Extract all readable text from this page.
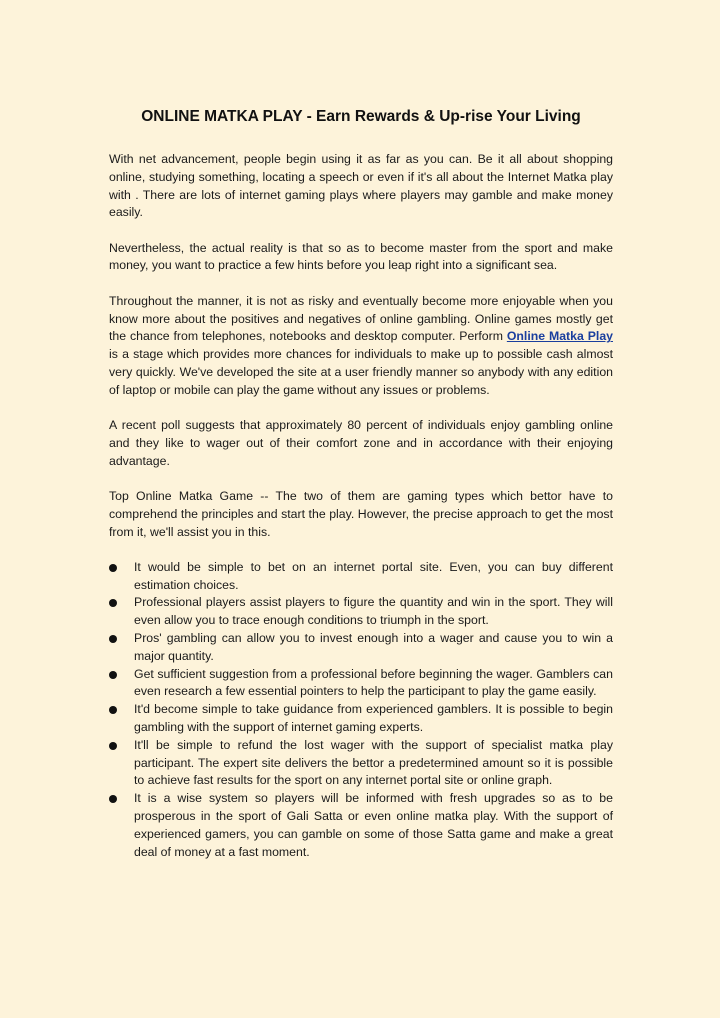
ONLINE MATKA PLAY - Earn Rewards & Up-rise Your Living

With net advancement, people begin using it as far as you can. Be it all about shopping online, studying something, locating a speech or even if it's all about the Internet Matka play with . There are lots of internet gaming plays where players may gamble and make money easily.

Nevertheless, the actual reality is that so as to become master from the sport and make money, you want to practice a few hints before you leap right into a significant sea.

Throughout the manner, it is not as risky and eventually become more enjoyable when you know more about the positives and negatives of online gambling. Online games mostly get the chance from telephones, notebooks and desktop computer. Perform Online Matka Play is a stage which provides more chances for individuals to make up to possible cash almost very quickly. We've developed the site at a user friendly manner so anybody with any edition of laptop or mobile can play the game without any issues or problems.

A recent poll suggests that approximately 80 percent of individuals enjoy gambling online and they like to wager out of their comfort zone and in accordance with their enjoying advantage.

Top Online Matka Game -- The two of them are gaming types which bettor have to comprehend the principles and start the play. However, the precise approach to get the most from it, we'll assist you in this.

It would be simple to bet on an internet portal site. Even, you can buy different estimation choices.
Professional players assist players to figure the quantity and win in the sport. They will even allow you to trace enough conditions to triumph in the sport.
Pros' gambling can allow you to invest enough into a wager and cause you to win a major quantity.
Get sufficient suggestion from a professional before beginning the wager. Gamblers can even research a few essential pointers to help the participant to play the game easily.
It'd become simple to take guidance from experienced gamblers. It is possible to begin gambling with the support of internet gaming experts.
It'll be simple to refund the lost wager with the support of specialist matka play participant. The expert site delivers the bettor a predetermined amount so it is possible to achieve fast results for the sport on any internet portal site or online graph.
It is a wise system so players will be informed with fresh upgrades so as to be prosperous in the sport of Gali Satta or even online matka play. With the support of experienced gamers, you can gamble on some of those Satta game and make a great deal of money at a fast moment.
